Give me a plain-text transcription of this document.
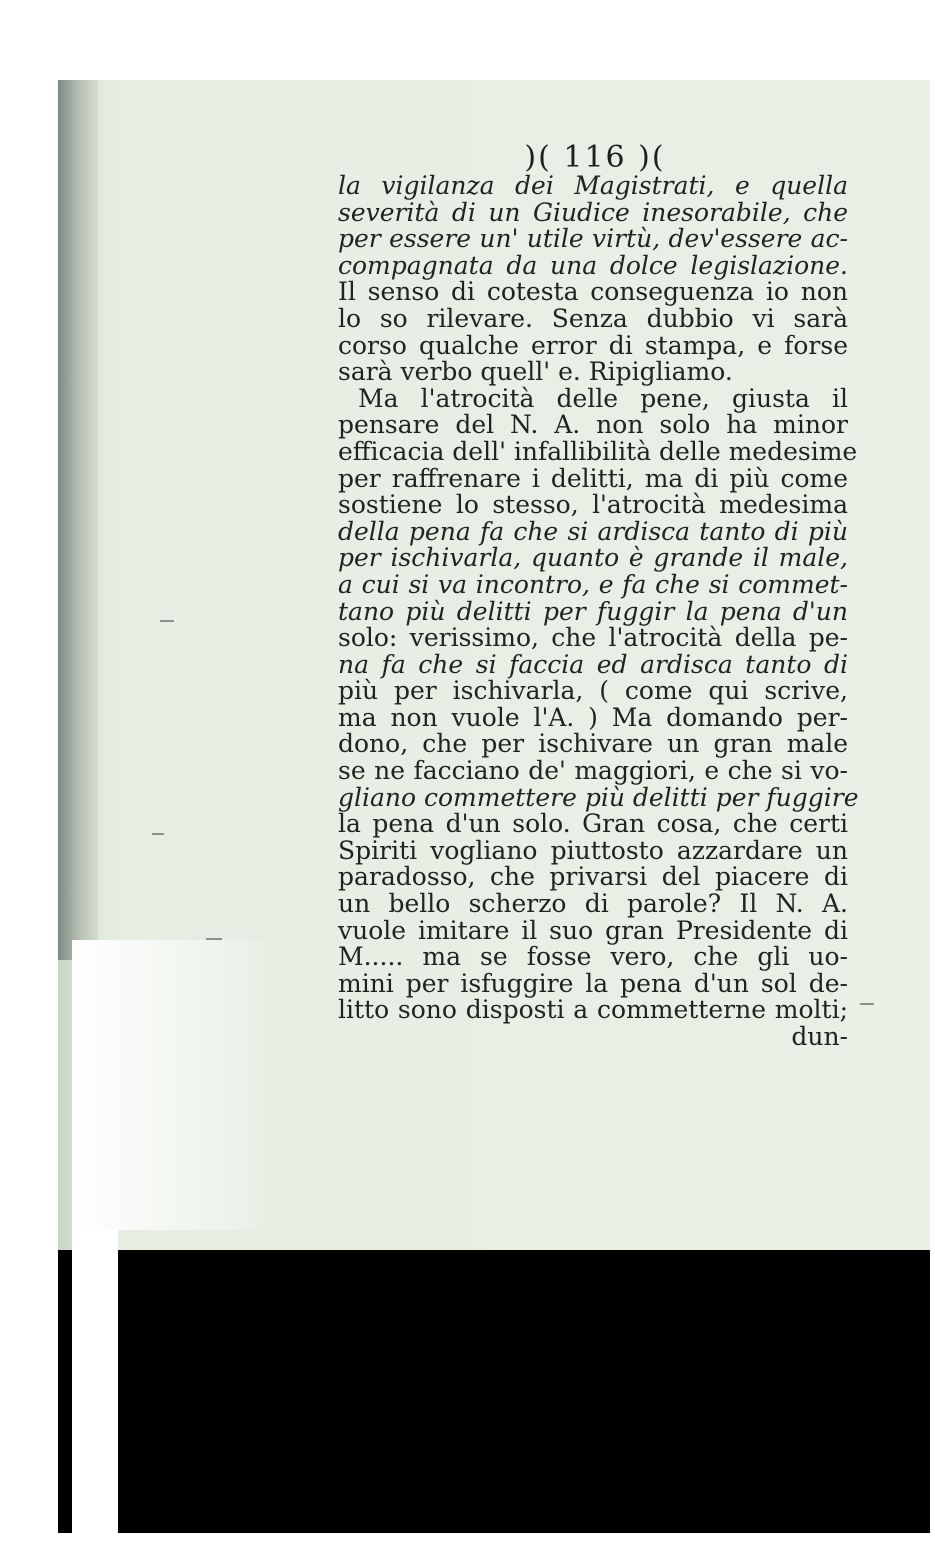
)( 116 )(
la vigilanza dei Magistrati, e quella
severità di un Giudice inesorabile, che
per essere un' utile virtù, dev'essere ac-
compagnata da una dolce legislazione.
Il senso di cotesta conseguenza io non
lo so rilevare. Senza dubbio vi sarà
corso qualche error di stampa, e forse
sarà verbo quell' e. Ripigliamo.
Ma l'atrocità delle pene, giusta il
pensare del N. A. non solo ha minor
efficacia dell' infallibilità delle medesime
per raffrenare i delitti, ma di più come
sostiene lo stesso, l'atrocità medesima
della pena fa che si ardisca tanto di più
per ischivarla, quanto è grande il male,
a cui si va incontro, e fa che si commet-
tano più delitti per fuggir la pena d'un
solo: verissimo, che l'atrocità della pe-
na fa che si faccia ed ardisca tanto di
più per ischivarla, ( come qui scrive,
ma non vuole l'A. ) Ma domando per-
dono, che per ischivare un gran male
se ne facciano de' maggiori, e che si vo-
gliano commettere più delitti per fuggire
la pena d'un solo. Gran cosa, che certi
Spiriti vogliano piuttosto azzardare un
paradosso, che privarsi del piacere di
un bello scherzo di parole? Il N. A.
vuole imitare il suo gran Presidente di
M..... ma se fosse vero, che gli uo-
mini per isfuggire la pena d'un sol de-
litto sono disposti a commetterne molti;
dun-
